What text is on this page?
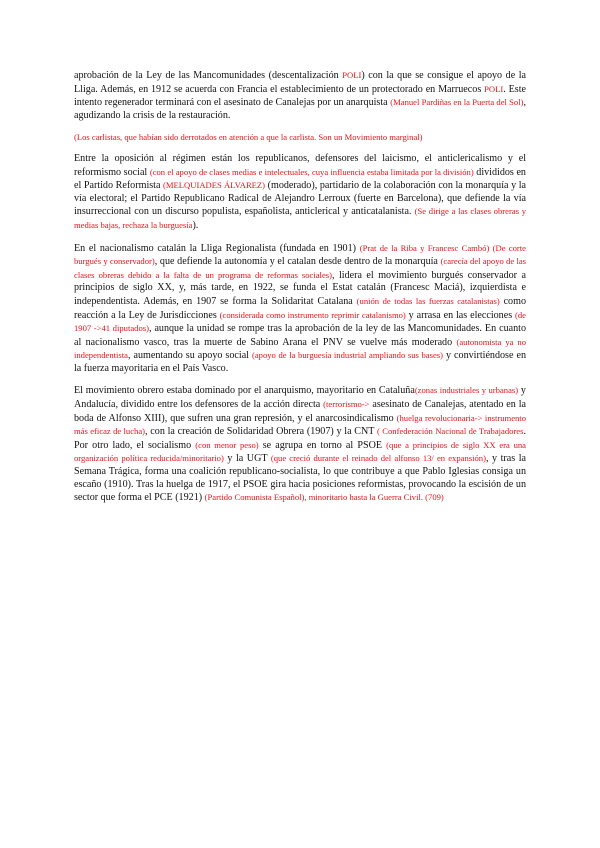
aprobación de la Ley de las Mancomunidades (descentalización POLI) con la que se consigue el apoyo de la Lliga. Además, en 1912 se acuerda con Francia el establecimiento de un protectorado en Marruecos POLI. Este intento regenerador terminará con el asesinato de Canalejas por un anarquista (Manuel Pardiñas en la Puerta del Sol), agudizando la crisis de la restauración.

(Los carlistas, que habían sido derrotados en atención a que la carlista. Son un Movimiento marginal)

Entre la oposición al régimen están los republicanos, defensores del laicismo, el anticlericalismo y el reformismo social (con el apoyo de clases medias e intelectuales, cuya influencia estaba limitada por la división) divididos en el Partido Reformista (MELQUIADES ÁLVAREZ) (moderado), partidario de la colaboración con la monarquía y la vía electoral; el Partido Republicano Radical de Alejandro Lerroux (fuerte en Barcelona), que defiende la vía insurreccional con un discurso populista, españolista, anticlerical y anticatalanista. (Se dirige a las clases obreras y medias bajas, rechaza la burguesía).

En el nacionalismo catalán la Lliga Regionalista (fundada en 1901) (Prat de la Riba y Francesc Cambó) (De corte burgués y conservador), que defiende la autonomía y el catalan desde dentro de la monarquía (carecía del apoyo de las clases obreras debido a la falta de un programa de reformas sociales), lidera el movimiento burgués conservador a principios de siglo XX, y, más tarde, en 1922, se funda el Estat catalán (Francesc Maciá), izquierdista e independentista. Además, en 1907 se forma la Solidaritat Catalana (unión de todas las fuerzas catalanistas) como reacción a la Ley de Jurisdicciones (considerada como instrumento reprimir catalanismo) y arrasa en las elecciones (de 1907 ->41 diputados), aunque la unidad se rompe tras la aprobación de la ley de las Mancomunidades. En cuanto al nacionalismo vasco, tras la muerte de Sabino Arana el PNV se vuelve más moderado (autonomista ya no independentista, aumentando su apoyo social (apoyo de la burguesía industrial ampliando sus bases) y convirtiéndose en la fuerza mayoritaria en el País Vasco.

El movimiento obrero estaba dominado por el anarquismo, mayoritario en Cataluña(zonas industriales y urbanas) y Andalucía, dividido entre los defensores de la acción directa (terrorismo-> asesinato de Canalejas, atentado en la boda de Alfonso XIII), que sufren una gran represión, y el anarcosindicalismo (huelga revolucionaria-> instrumento más eficaz de lucha), con la creación de Solidaridad Obrera (1907) y la CNT ( Confederación Nacional de Trabajadores. Por otro lado, el socialismo (con menor peso) se agrupa en torno al PSOE (que a principios de siglo XX era una organización política reducida/minoritario) y la UGT (que creció durante el reinado del alfonso 13/ en expansión), y tras la Semana Trágica, forma una coalición republicano-socialista, lo que contribuye a que Pablo Iglesias consiga un escaño (1910). Tras la huelga de 1917, el PSOE gira hacia posiciones reformistas, provocando la escisión de un sector que forma el PCE (1921) (Partido Comunista Español), minoritario hasta la Guerra Civil. (709)
